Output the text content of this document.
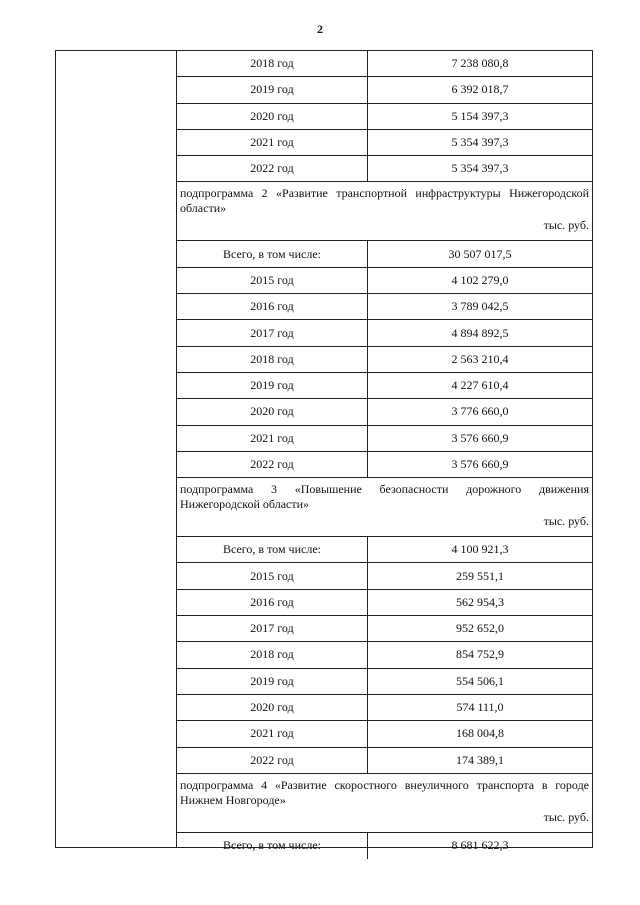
2
2018 год	7 238 080,8
2019 год	6 392 018,7
2020 год	5 154 397,3
2021 год	5 354 397,3
2022 год	5 354 397,3
подпрограмма 2 «Развитие транспортной инфраструктуры Нижегородской области»
тыс. руб.
Всего, в том числе:	30 507 017,5
2015 год	4 102 279,0
2016 год	3 789 042,5
2017 год	4 894 892,5
2018 год	2 563 210,4
2019 год	4 227 610,4
2020 год	3 776 660,0
2021 год	3 576 660,9
2022 год	3 576 660,9
подпрограмма 3 «Повышение безопасности дорожного движения Нижегородской области»
тыс. руб.
Всего, в том числе:	4 100 921,3
2015 год	259 551,1
2016 год	562 954,3
2017 год	952 652,0
2018 год	854 752,9
2019 год	554 506,1
2020 год	574 111,0
2021 год	168 004,8
2022 год	174 389,1
подпрограмма 4 «Развитие скоростного внеуличного транспорта в городе Нижнем Новгороде»
тыс. руб.
Всего, в том числе:	8 681 622,3
